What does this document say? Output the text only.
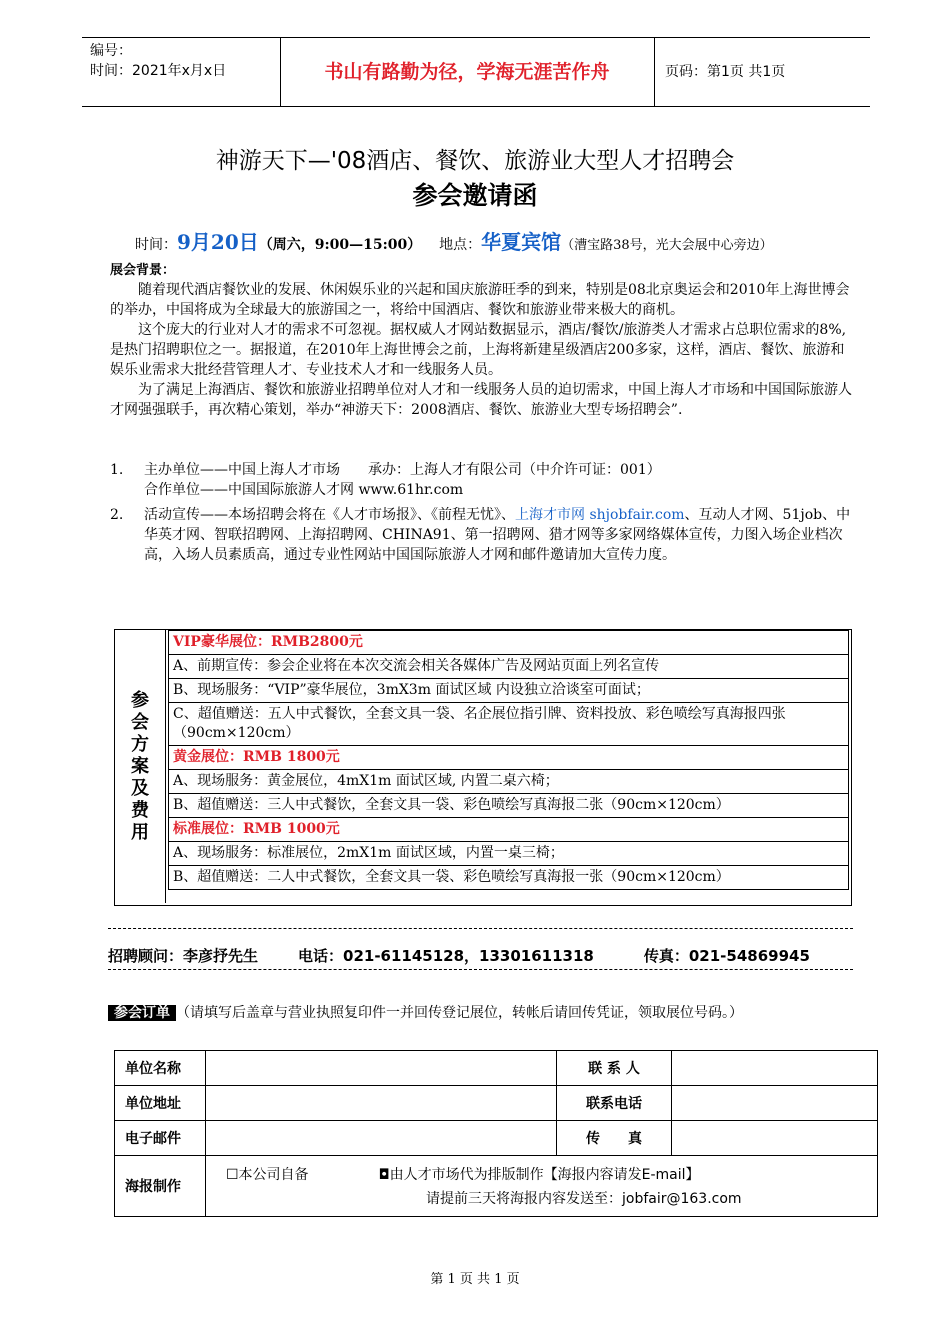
编号：
时间：2021年x月x日	书山有路勤为径，学海无涯苦作舟	页码：第1页 共1页
神游天下—'08酒店、餐饮、旅游业大型人才招聘会
参会邀请函
时间：9月20日（周六，9:00—15:00） 地点：华夏宾馆（漕宝路38号，光大会展中心旁边）
展会背景：

随着现代酒店餐饮业的发展、休闲娱乐业的兴起和国庆旅游旺季的到来，特别是08北京奥运会和2010年上海世博会的举办，中国将成为全球最大的旅游国之一，将给中国酒店、餐饮和旅游业带来极大的商机。

这个庞大的行业对人才的需求不可忽视。据权威人才网站数据显示，酒店/餐饮/旅游类人才需求占总职位需求的8%,是热门招聘职位之一。据报道，在2010年上海世博会之前，上海将新建星级酒店200多家，这样，酒店、餐饮、旅游和娱乐业需求大批经营管理人才、专业技术人才和一线服务人员。

为了满足上海酒店、餐饮和旅游业招聘单位对人才和一线服务人员的迫切需求，中国上海人才市场和中国国际旅游人才网强强联手，再次精心策划，举办“神游天下：2008酒店、餐饮、旅游业大型专场招聘会”.

1.	主办单位——中国上海人才市场　　承办：上海人才有限公司（中介许可证：001）
合作单位——中国国际旅游人才网 www.61hr.com
2.	活动宣传——本场招聘会将在《人才市场报》、《前程无忧》、上海才市网 shjobfair.com、互动人才网、51job、中华英才网、智联招聘网、上海招聘网、CHINA91、第一招聘网、猎才网等多家网络媒体宣传，力图入场企业档次高，入场人员素质高，通过专业性网站中国国际旅游人才网和邮件邀请加大宣传力度。
参
会
方
案
及
费
用
VIP豪华展位：RMB2800元
A、前期宣传：参会企业将在本次交流会相关各媒体广告及网站页面上列名宣传
B、现场服务：“VIP”豪华展位，3mX3m 面试区域 内设独立洽谈室可面试；
C、超值赠送：五人中式餐饮，全套文具一袋、名企展位指引牌、资料投放、彩色喷绘写真海报四张（90cm×120cm）
黄金展位：RMB 1800元
A、现场服务：黄金展位，4mX1m 面试区域, 内置二桌六椅；
B、超值赠送：三人中式餐饮，全套文具一袋、彩色喷绘写真海报二张（90cm×120cm）
标准展位：RMB 1000元
A、现场服务：标准展位，2mX1m 面试区域，内置一桌三椅；
B、超值赠送：二人中式餐饮，全套文具一袋、彩色喷绘写真海报一张（90cm×120cm）
招聘顾问：李彦抒先生	电话：021-61145128，13301611318	传真：021-54869945
参会订单 （请填写后盖章与营业执照复印件一并回传登记展位，转帐后请回传凭证，领取展位号码。）
单位名称		联 系 人	
单位地址		联系电话	
电子邮件		传　　真	
海报制作	☐本公司自备 ◘由人才市场代为排版制作【海报内容请发E-mail】
请提前三天将海报内容发送至：jobfair@163.com		
第 1 页 共 1 页
